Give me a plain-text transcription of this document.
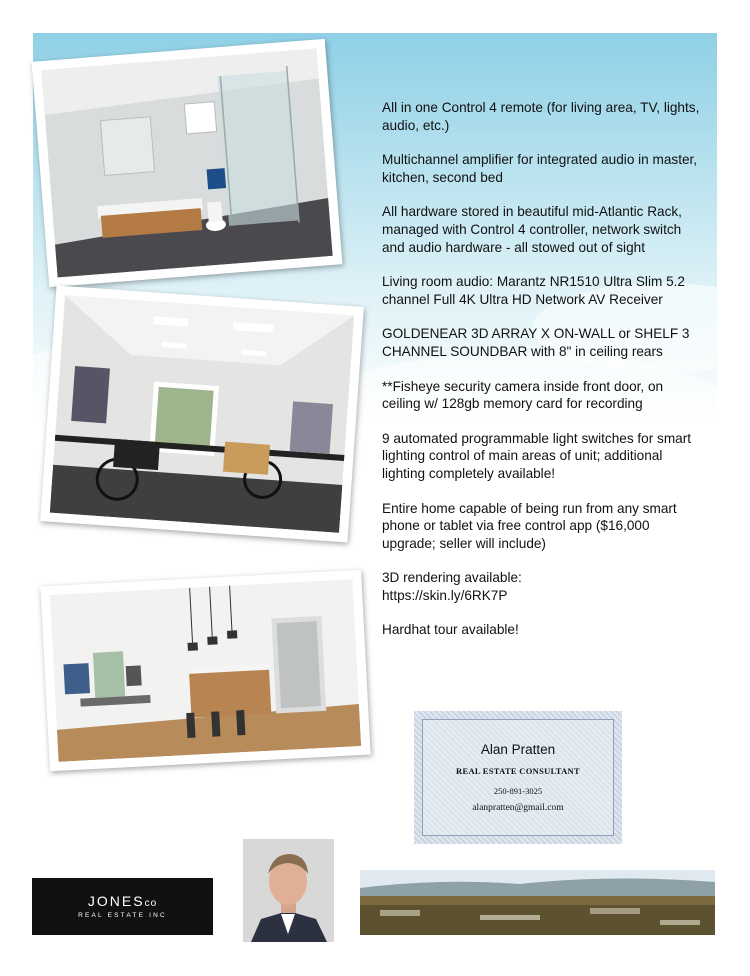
All in one Control 4 remote (for living area, TV, lights, audio, etc.)

Multichannel amplifier for integrated audio in master, kitchen, second bed

All hardware stored in beautiful mid-Atlantic Rack, managed with Control 4 controller, network switch and audio hardware - all stowed out of sight

Living room audio: Marantz NR1510 Ultra Slim 5.2 channel Full 4K Ultra HD Network AV Receiver

GOLDENEAR 3D ARRAY X ON-WALL or SHELF 3 CHANNEL SOUNDBAR with 8" in ceiling rears

**Fisheye security camera inside front door, on ceiling w/ 128gb memory card for recording

9 automated programmable light switches for smart lighting control of main areas of unit; additional lighting completely available!

Entire home capable of being run from any smart phone or tablet via free control app ($16,000 upgrade; seller will include)

3D rendering available:
https://skin.ly/6RK7P

Hardhat tour available!

Alan Pratten
REAL ESTATE CONSULTANT
250-891-3025
alanpratten@gmail.com
JONESco
REAL ESTATE INC
